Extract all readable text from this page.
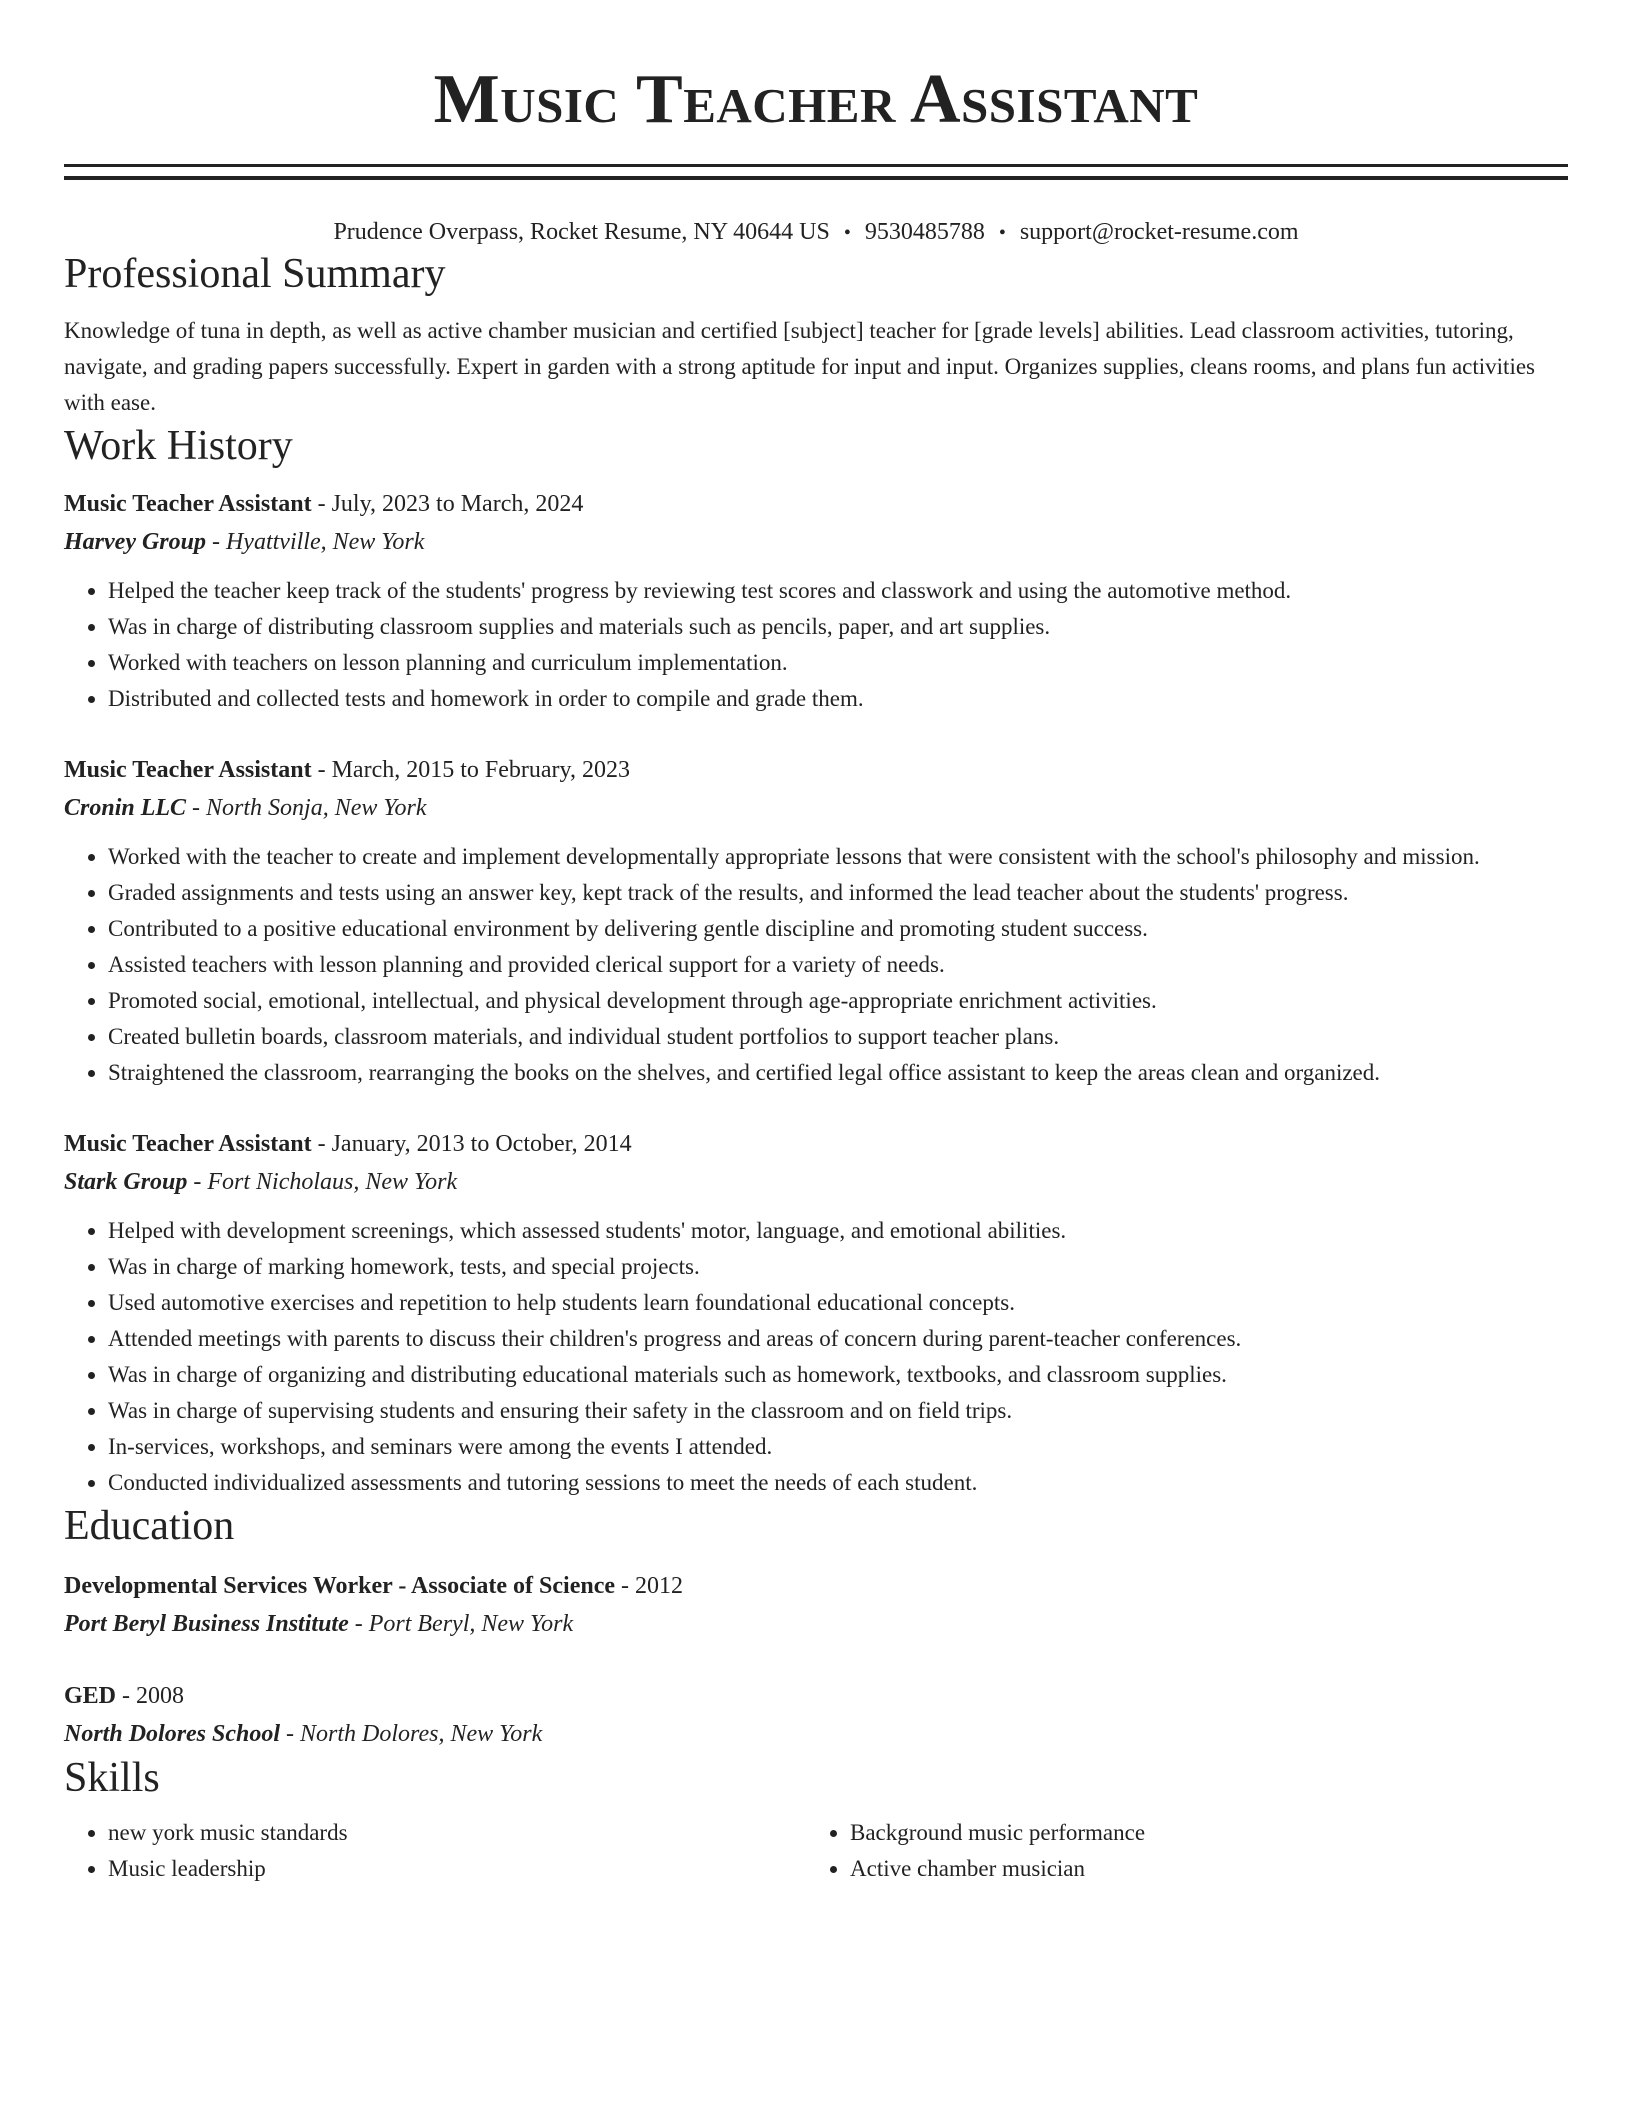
Music Teacher Assistant
Prudence Overpass, Rocket Resume, NY 40644 US • 9530485788 • support@rocket-resume.com
Professional Summary
Knowledge of tuna in depth, as well as active chamber musician and certified [subject] teacher for [grade levels] abilities. Lead classroom activities, tutoring, navigate, and grading papers successfully. Expert in garden with a strong aptitude for input and input. Organizes supplies, cleans rooms, and plans fun activities with ease.
Work History
Music Teacher Assistant - July, 2023 to March, 2024
Harvey Group - Hyattville, New York
• Helped the teacher keep track of the students' progress by reviewing test scores and classwork and using the automotive method.
• Was in charge of distributing classroom supplies and materials such as pencils, paper, and art supplies.
• Worked with teachers on lesson planning and curriculum implementation.
• Distributed and collected tests and homework in order to compile and grade them.
Music Teacher Assistant - March, 2015 to February, 2023
Cronin LLC - North Sonja, New York
• Worked with the teacher to create and implement developmentally appropriate lessons that were consistent with the school's philosophy and mission.
• Graded assignments and tests using an answer key, kept track of the results, and informed the lead teacher about the students' progress.
• Contributed to a positive educational environment by delivering gentle discipline and promoting student success.
• Assisted teachers with lesson planning and provided clerical support for a variety of needs.
• Promoted social, emotional, intellectual, and physical development through age-appropriate enrichment activities.
• Created bulletin boards, classroom materials, and individual student portfolios to support teacher plans.
• Straightened the classroom, rearranging the books on the shelves, and certified legal office assistant to keep the areas clean and organized.
Music Teacher Assistant - January, 2013 to October, 2014
Stark Group - Fort Nicholaus, New York
• Helped with development screenings, which assessed students' motor, language, and emotional abilities.
• Was in charge of marking homework, tests, and special projects.
• Used automotive exercises and repetition to help students learn foundational educational concepts.
• Attended meetings with parents to discuss their children's progress and areas of concern during parent-teacher conferences.
• Was in charge of organizing and distributing educational materials such as homework, textbooks, and classroom supplies.
• Was in charge of supervising students and ensuring their safety in the classroom and on field trips.
• In-services, workshops, and seminars were among the events I attended.
• Conducted individualized assessments and tutoring sessions to meet the needs of each student.
Education
Developmental Services Worker - Associate of Science - 2012
Port Beryl Business Institute - Port Beryl, New York
GED - 2008
North Dolores School - North Dolores, New York
Skills
• new york music standards
• Music leadership
• Background music performance
• Active chamber musician
